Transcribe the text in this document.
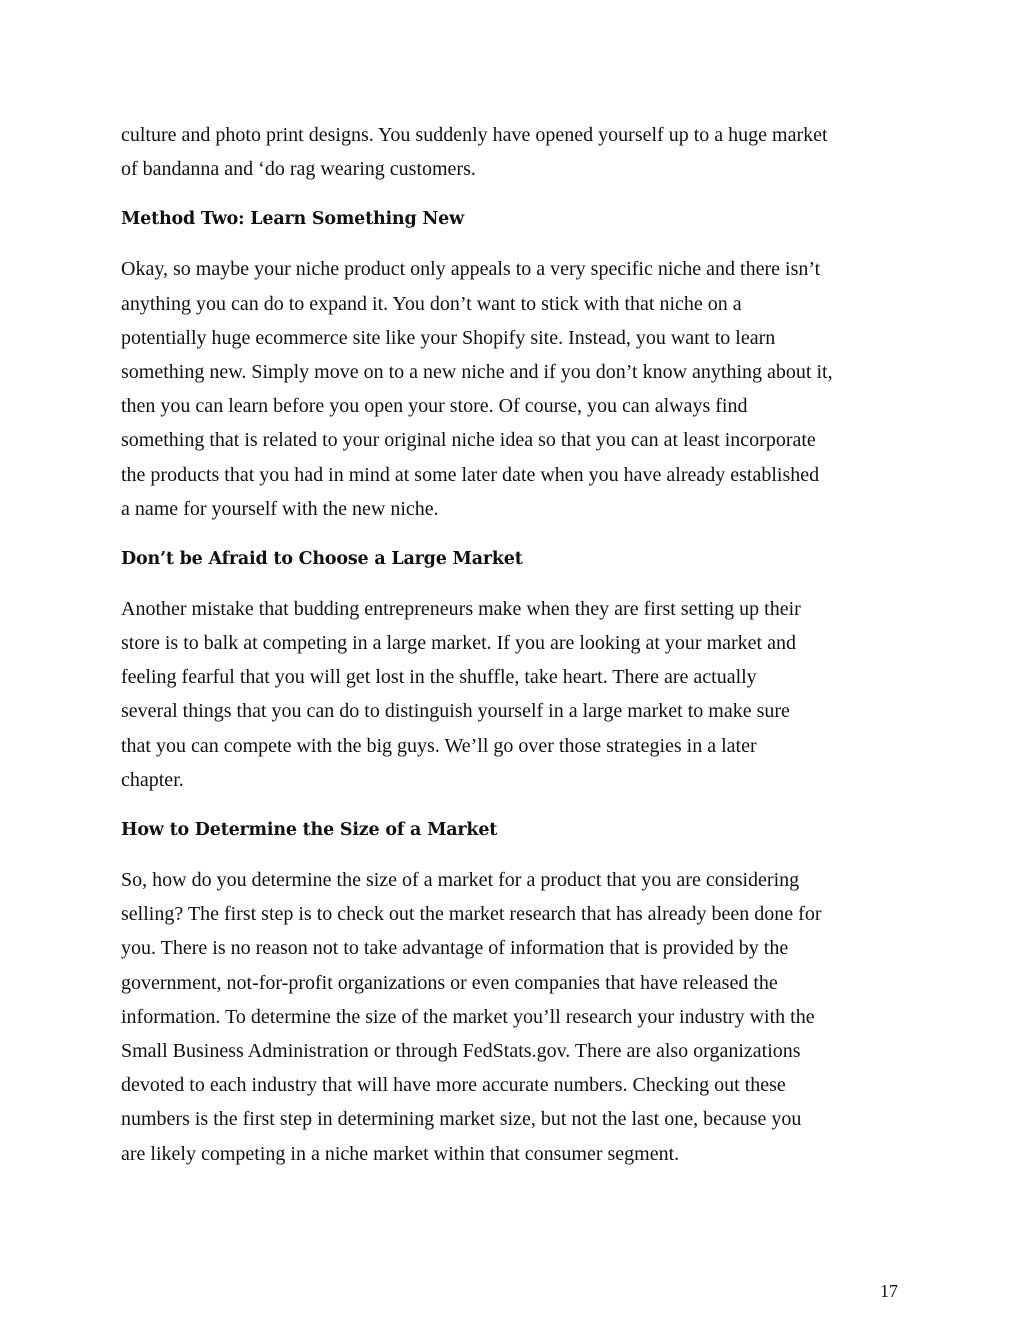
culture and photo print designs. You suddenly have opened yourself up to a huge market
of bandanna and ‘do rag wearing customers.
Method Two: Learn Something New
Okay, so maybe your niche product only appeals to a very specific niche and there isn’t
anything you can do to expand it. You don’t want to stick with that niche on a
potentially huge ecommerce site like your Shopify site. Instead, you want to learn
something new. Simply move on to a new niche and if you don’t know anything about it,
then you can learn before you open your store. Of course, you can always find
something that is related to your original niche idea so that you can at least incorporate
the products that you had in mind at some later date when you have already established
a name for yourself with the new niche.
Don’t be Afraid to Choose a Large Market
Another mistake that budding entrepreneurs make when they are first setting up their
store is to balk at competing in a large market. If you are looking at your market and
feeling fearful that you will get lost in the shuffle, take heart. There are actually
several things that you can do to distinguish yourself in a large market to make sure
that you can compete with the big guys. We’ll go over those strategies in a later
chapter.
How to Determine the Size of a Market
So, how do you determine the size of a market for a product that you are considering
selling? The first step is to check out the market research that has already been done for
you. There is no reason not to take advantage of information that is provided by the
government, not-for-profit organizations or even companies that have released the
information. To determine the size of the market you’ll research your industry with the
Small Business Administration or through FedStats.gov. There are also organizations
devoted to each industry that will have more accurate numbers. Checking out these
numbers is the first step in determining market size, but not the last one, because you
are likely competing in a niche market within that consumer segment.
17
